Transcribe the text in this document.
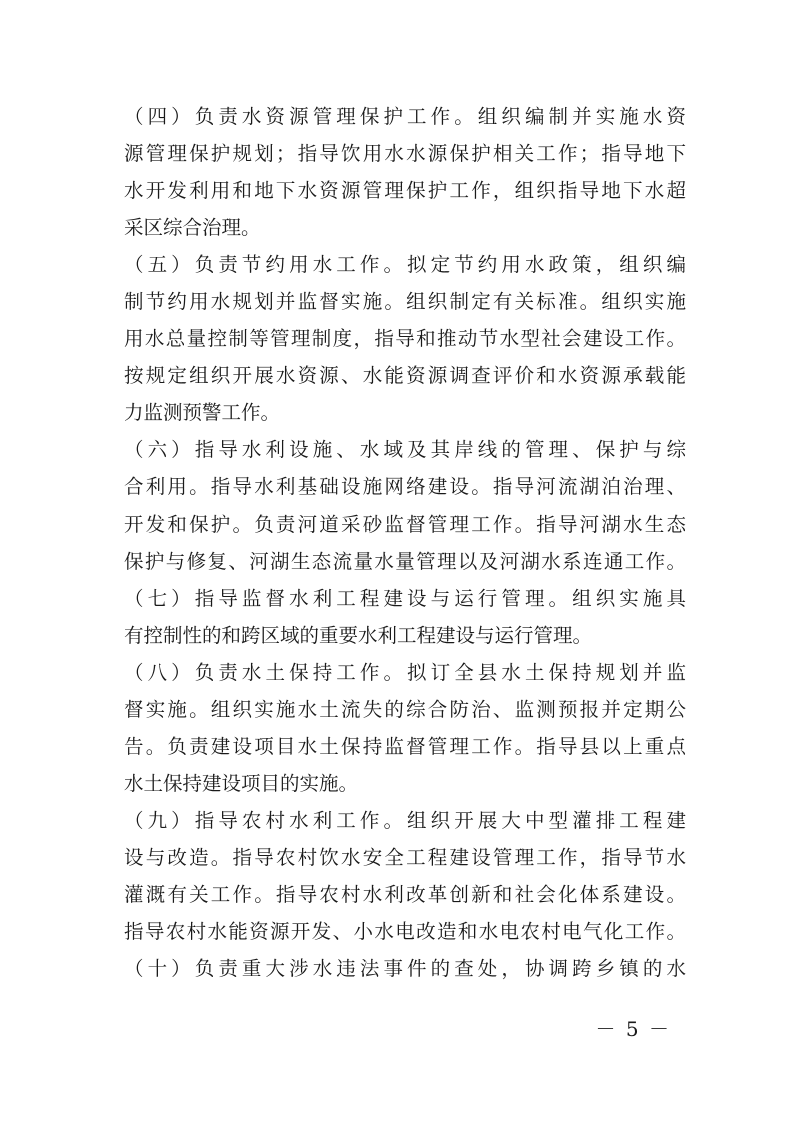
（四）负责水资源管理保护工作。组织编制并实施水资
源管理保护规划；指导饮用水水源保护相关工作；指导地下
水开发利用和地下水资源管理保护工作，组织指导地下水超
采区综合治理。
（五）负责节约用水工作。拟定节约用水政策，组织编
制节约用水规划并监督实施。组织制定有关标准。组织实施
用水总量控制等管理制度，指导和推动节水型社会建设工作。
按规定组织开展水资源、水能资源调查评价和水资源承载能
力监测预警工作。
（六）指导水利设施、水域及其岸线的管理、保护与综
合利用。指导水利基础设施网络建设。指导河流湖泊治理、
开发和保护。负责河道采砂监督管理工作。指导河湖水生态
保护与修复、河湖生态流量水量管理以及河湖水系连通工作。
（七）指导监督水利工程建设与运行管理。组织实施具
有控制性的和跨区域的重要水利工程建设与运行管理。
（八）负责水土保持工作。拟订全县水土保持规划并监
督实施。组织实施水土流失的综合防治、监测预报并定期公
告。负责建设项目水土保持监督管理工作。指导县以上重点
水土保持建设项目的实施。
（九）指导农村水利工作。组织开展大中型灌排工程建
设与改造。指导农村饮水安全工程建设管理工作，指导节水
灌溉有关工作。指导农村水利改革创新和社会化体系建设。
指导农村水能资源开发、小水电改造和水电农村电气化工作。
（十）负责重大涉水违法事件的查处，协调跨乡镇的水
－ 5 －
